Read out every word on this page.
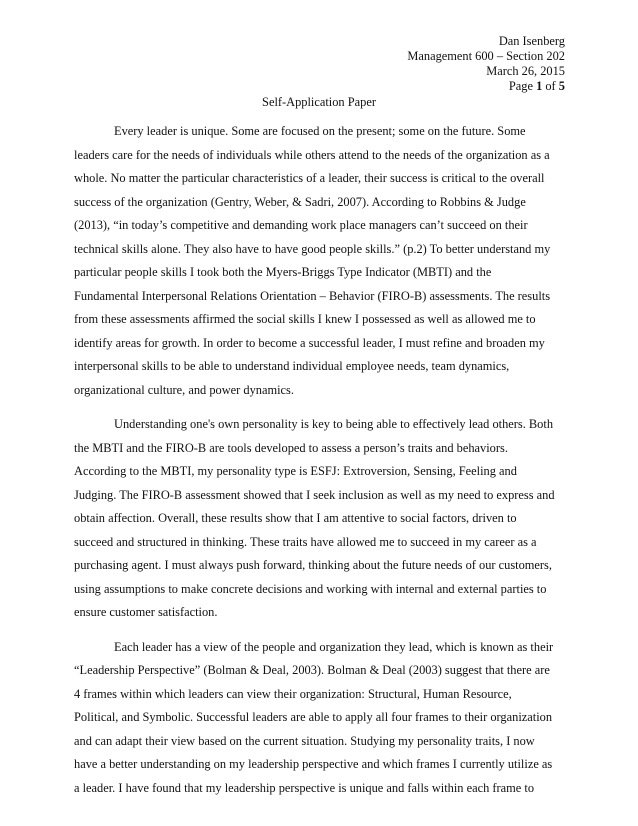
Dan Isenberg
Management 600 – Section 202
March 26, 2015
Page 1 of 5
Self-Application Paper
Every leader is unique. Some are focused on the present; some on the future. Some
leaders care for the needs of individuals while others attend to the needs of the organization as a
whole. No matter the particular characteristics of a leader, their success is critical to the overall
success of the organization (Gentry, Weber, & Sadri, 2007). According to Robbins & Judge
(2013), “in today’s competitive and demanding work place managers can’t succeed on their
technical skills alone. They also have to have good people skills.” (p.2) To better understand my
particular people skills I took both the Myers-Briggs Type Indicator (MBTI) and the
Fundamental Interpersonal Relations Orientation – Behavior (FIRO-B) assessments. The results
from these assessments affirmed the social skills I knew I possessed as well as allowed me to
identify areas for growth. In order to become a successful leader, I must refine and broaden my
interpersonal skills to be able to understand individual employee needs, team dynamics,
organizational culture, and power dynamics.
Understanding one's own personality is key to being able to effectively lead others. Both
the MBTI and the FIRO-B are tools developed to assess a person’s traits and behaviors.
According to the MBTI, my personality type is ESFJ: Extroversion, Sensing, Feeling and
Judging. The FIRO-B assessment showed that I seek inclusion as well as my need to express and
obtain affection. Overall, these results show that I am attentive to social factors, driven to
succeed and structured in thinking. These traits have allowed me to succeed in my career as a
purchasing agent. I must always push forward, thinking about the future needs of our customers,
using assumptions to make concrete decisions and working with internal and external parties to
ensure customer satisfaction.
Each leader has a view of the people and organization they lead, which is known as their
“Leadership Perspective” (Bolman & Deal, 2003). Bolman & Deal (2003) suggest that there are
4 frames within which leaders can view their organization: Structural, Human Resource,
Political, and Symbolic. Successful leaders are able to apply all four frames to their organization
and can adapt their view based on the current situation. Studying my personality traits, I now
have a better understanding on my leadership perspective and which frames I currently utilize as
a leader. I have found that my leadership perspective is unique and falls within each frame to
